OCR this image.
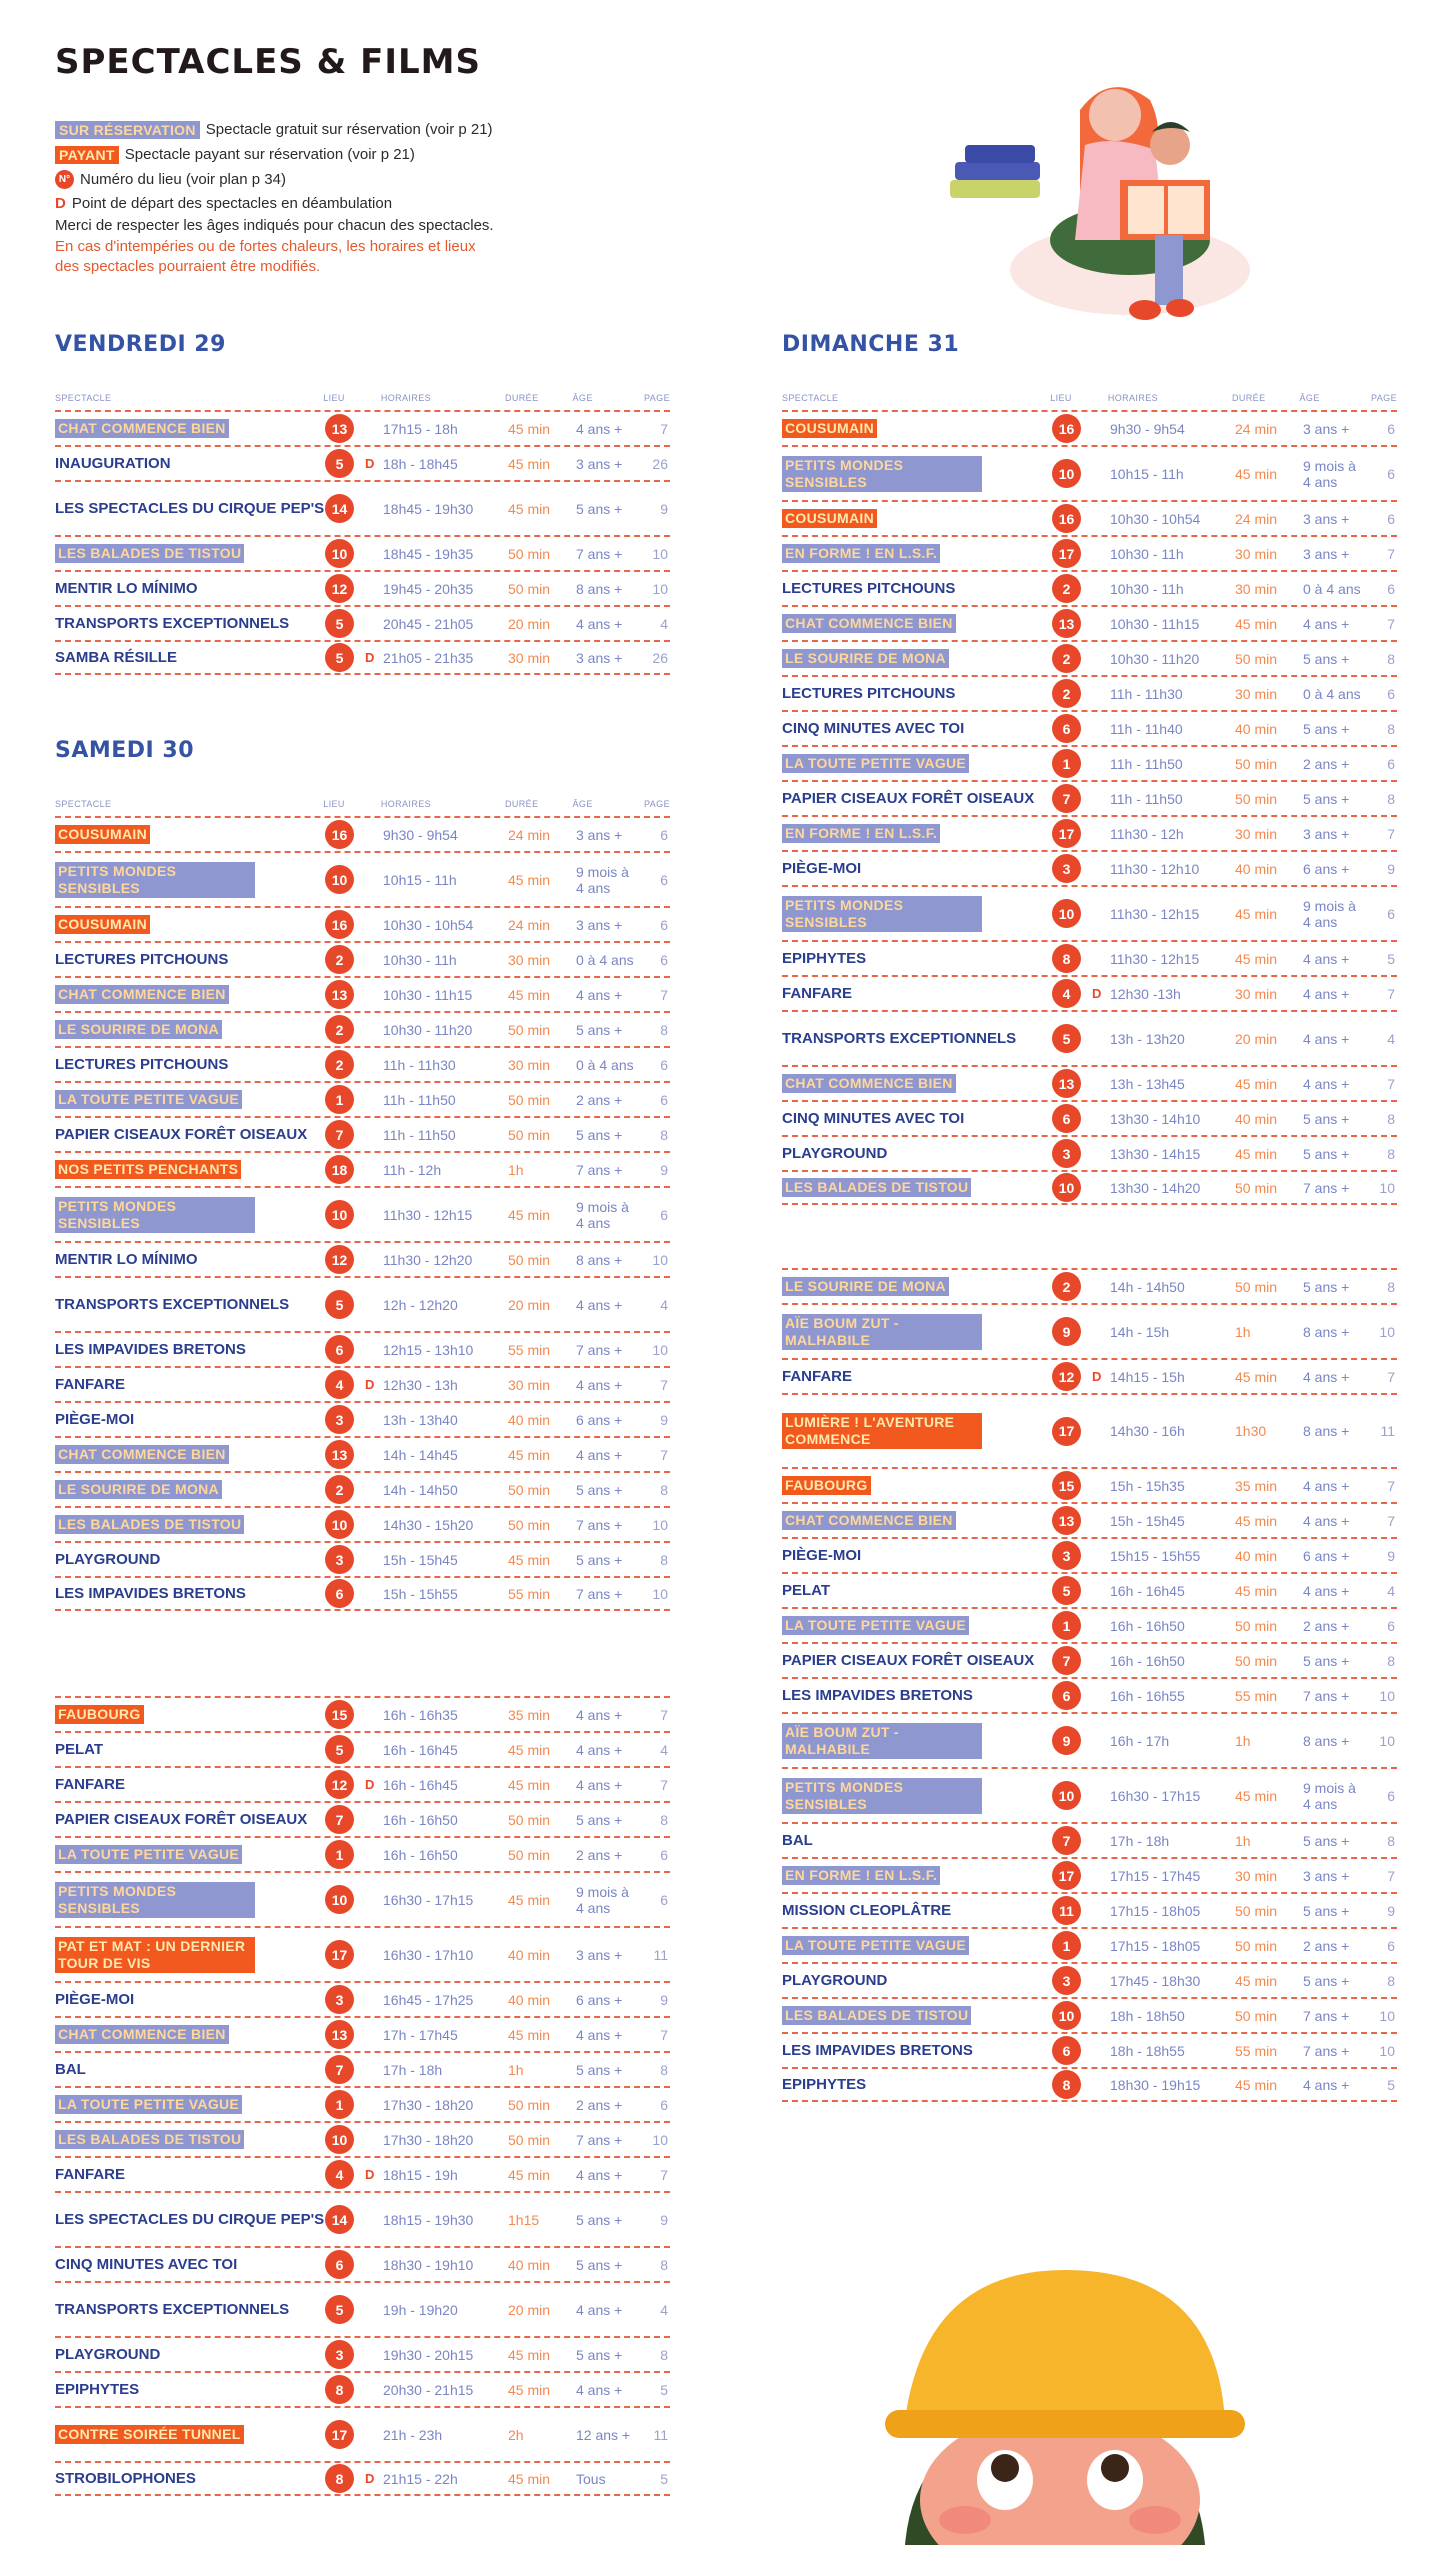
SPECTACLES & FILMS
SUR RÉSERVATION Spectacle gratuit sur réservation (voir p 21)
PAYANT Spectacle payant sur réservation (voir p 21)
N° Numéro du lieu (voir plan p 34)
D Point de départ des spectacles en déambulation
Merci de respecter les âges indiqués pour chacun des spectacles.
En cas d'intempéries ou de fortes chaleurs, les horaires et lieux
des spectacles pourraient être modifiés.
VENDREDI 29
SPECTACLE	LIEU	HORAIRES	DURÉE	ÂGE	PAGE
CHAT COMMENCE BIEN	13	17h15 - 18h	45 min	4 ans +	7
INAUGURATION	5	D 18h - 18h45	45 min	3 ans +	26
LES SPECTACLES DU CIRQUE PEP'S 14	18h45 - 19h30	45 min	5 ans +	9
LES BALADES DE TISTOU	10	18h45 - 19h35	50 min	7 ans +	10
MENTIR LO MÍNIMO	12	19h45 - 20h35	50 min	8 ans +	10
TRANSPORTS EXCEPTIONNELS	5	20h45 - 21h05	20 min	4 ans +	4
SAMBA RÉSILLE	5	D 21h05 - 21h35	30 min	3 ans +	26
SAMEDI 30
SPECTACLE	LIEU	HORAIRES	DURÉE	ÂGE	PAGE
COUSUMAIN	16	9h30 - 9h54	24 min	3 ans +	6
PETITS MONDES SENSIBLES	10	10h15 - 11h	45 min	9 mois à 4 ans	6
COUSUMAIN	16	10h30 - 10h54	24 min	3 ans +	6
LECTURES PITCHOUNS	2	10h30 - 11h	30 min	0 à 4 ans	6
CHAT COMMENCE BIEN	13	10h30 - 11h15	45 min	4 ans +	7
LE SOURIRE DE MONA	2	10h30 - 11h20	50 min	5 ans +	8
LECTURES PITCHOUNS	2	11h - 11h30	30 min	0 à 4 ans	6
LA TOUTE PETITE VAGUE	1	11h - 11h50	50 min	2 ans +	6
PAPIER CISEAUX FORÊT OISEAUX	7	11h - 11h50	50 min	5 ans +	8
NOS PETITS PENCHANTS	18	11h - 12h	1h	7 ans +	9
PETITS MONDES SENSIBLES	10	11h30 - 12h15	45 min	9 mois à 4 ans	6
MENTIR LO MÍNIMO	12	11h30 - 12h20	50 min	8 ans +	10
TRANSPORTS EXCEPTIONNELS	5	12h - 12h20	20 min	4 ans +	4
LES IMPAVIDES BRETONS	6	12h15 - 13h10	55 min	7 ans +	10
FANFARE	4	D 12h30 - 13h	30 min	4 ans +	7
PIÈGE-MOI	3	13h - 13h40	40 min	6 ans +	9
CHAT COMMENCE BIEN	13	14h - 14h45	45 min	4 ans +	7
LE SOURIRE DE MONA	2	14h - 14h50	50 min	5 ans +	8
LES BALADES DE TISTOU	10	14h30 - 15h20	50 min	7 ans +	10
PLAYGROUND	3	15h - 15h45	45 min	5 ans +	8
LES IMPAVIDES BRETONS	6	15h - 15h55	55 min	7 ans +	10
FAUBOURG	15	16h - 16h35	35 min	4 ans +	7
PELAT	5	16h - 16h45	45 min	4 ans +	4
FANFARE	12	D 16h - 16h45	45 min	4 ans +	7
PAPIER CISEAUX FORÊT OISEAUX	7	16h - 16h50	50 min	5 ans +	8
LA TOUTE PETITE VAGUE	1	16h - 16h50	50 min	2 ans +	6
PETITS MONDES SENSIBLES	10	16h30 - 17h15	45 min	9 mois à 4 ans	6
PAT ET MAT : UN DERNIER TOUR DE VIS	17	16h30 - 17h10	40 min	3 ans +	11
PIÈGE-MOI	3	16h45 - 17h25	40 min	6 ans +	9
CHAT COMMENCE BIEN	13	17h - 17h45	45 min	4 ans +	7
BAL	7	17h - 18h	1h	5 ans +	8
LA TOUTE PETITE VAGUE	1	17h30 - 18h20	50 min	2 ans +	6
LES BALADES DE TISTOU	10	17h30 - 18h20	50 min	7 ans +	10
FANFARE	4	D 18h15 - 19h	45 min	4 ans +	7
LES SPECTACLES DU CIRQUE PEP'S 14	18h15 - 19h30	1h15	5 ans +	9
CINQ MINUTES AVEC TOI	6	18h30 - 19h10	40 min	5 ans +	8
TRANSPORTS EXCEPTIONNELS	5	19h - 19h20	20 min	4 ans +	4
PLAYGROUND	3	19h30 - 20h15	45 min	5 ans +	8
EPIPHYTES	8	20h30 - 21h15	45 min	4 ans +	5
CONTRE SOIRÉE TUNNEL	17	21h - 23h	2h	12 ans +	11
STROBILOPHONES	8	D 21h15 - 22h	45 min	Tous	5
DIMANCHE 31
SPECTACLE	LIEU	HORAIRES	DURÉE	ÂGE	PAGE
COUSUMAIN	16	9h30 - 9h54	24 min	3 ans +	6
PETITS MONDES SENSIBLES	10	10h15 - 11h	45 min	9 mois à 4 ans	6
COUSUMAIN	16	10h30 - 10h54	24 min	3 ans +	6
EN FORME ! EN L.S.F.	17	10h30 - 11h	30 min	3 ans +	7
LECTURES PITCHOUNS	2	10h30 - 11h	30 min	0 à 4 ans	6
CHAT COMMENCE BIEN	13	10h30 - 11h15	45 min	4 ans +	7
LE SOURIRE DE MONA	2	10h30 - 11h20	50 min	5 ans +	8
LECTURES PITCHOUNS	2	11h - 11h30	30 min	0 à 4 ans	6
CINQ MINUTES AVEC TOI	6	11h - 11h40	40 min	5 ans +	8
LA TOUTE PETITE VAGUE	1	11h - 11h50	50 min	2 ans +	6
PAPIER CISEAUX FORÊT OISEAUX	7	11h - 11h50	50 min	5 ans +	8
EN FORME ! EN L.S.F.	17	11h30 - 12h	30 min	3 ans +	7
PIÈGE-MOI	3	11h30 - 12h10	40 min	6 ans +	9
PETITS MONDES SENSIBLES	10	11h30 - 12h15	45 min	9 mois à 4 ans	6
EPIPHYTES	8	11h30 - 12h15	45 min	4 ans +	5
FANFARE	4	D 12h30 -13h	30 min	4 ans +	7
TRANSPORTS EXCEPTIONNELS	5	13h - 13h20	20 min	4 ans +	4
CHAT COMMENCE BIEN	13	13h - 13h45	45 min	4 ans +	7
CINQ MINUTES AVEC TOI	6	13h30 - 14h10	40 min	5 ans +	8
PLAYGROUND	3	13h30 - 14h15	45 min	5 ans +	8
LES BALADES DE TISTOU	10	13h30 - 14h20	50 min	7 ans +	10
LE SOURIRE DE MONA	2	14h - 14h50	50 min	5 ans +	8
AÏE BOUM ZUT - MALHABILE	9	14h - 15h	1h	8 ans +	10
FANFARE	12	D 14h15 - 15h	45 min	4 ans +	7
LUMIÈRE ! L'AVENTURE COMMENCE	17	14h30 - 16h	1h30	8 ans +	11
FAUBOURG	15	15h - 15h35	35 min	4 ans +	7
CHAT COMMENCE BIEN	13	15h - 15h45	45 min	4 ans +	7
PIÈGE-MOI	3	15h15 - 15h55	40 min	6 ans +	9
PELAT	5	16h - 16h45	45 min	4 ans +	4
LA TOUTE PETITE VAGUE	1	16h - 16h50	50 min	2 ans +	6
PAPIER CISEAUX FORÊT OISEAUX	7	16h - 16h50	50 min	5 ans +	8
LES IMPAVIDES BRETONS	6	16h - 16h55	55 min	7 ans +	10
AÏE BOUM ZUT - MALHABILE	9	16h - 17h	1h	8 ans +	10
PETITS MONDES SENSIBLES	10	16h30 - 17h15	45 min	9 mois à 4 ans	6
BAL	7	17h - 18h	1h	5 ans +	8
EN FORME ! EN L.S.F.	17	17h15 - 17h45	30 min	3 ans +	7
MISSION CLEOPLÂTRE	11	17h15 - 18h05	50 min	5 ans +	9
LA TOUTE PETITE VAGUE	1	17h15 - 18h05	50 min	2 ans +	6
PLAYGROUND	3	17h45 - 18h30	45 min	5 ans +	8
LES BALADES DE TISTOU	10	18h - 18h50	50 min	7 ans +	10
LES IMPAVIDES BRETONS	6	18h - 18h55	55 min	7 ans +	10
EPIPHYTES	8	18h30 - 19h15	45 min	4 ans +	5
